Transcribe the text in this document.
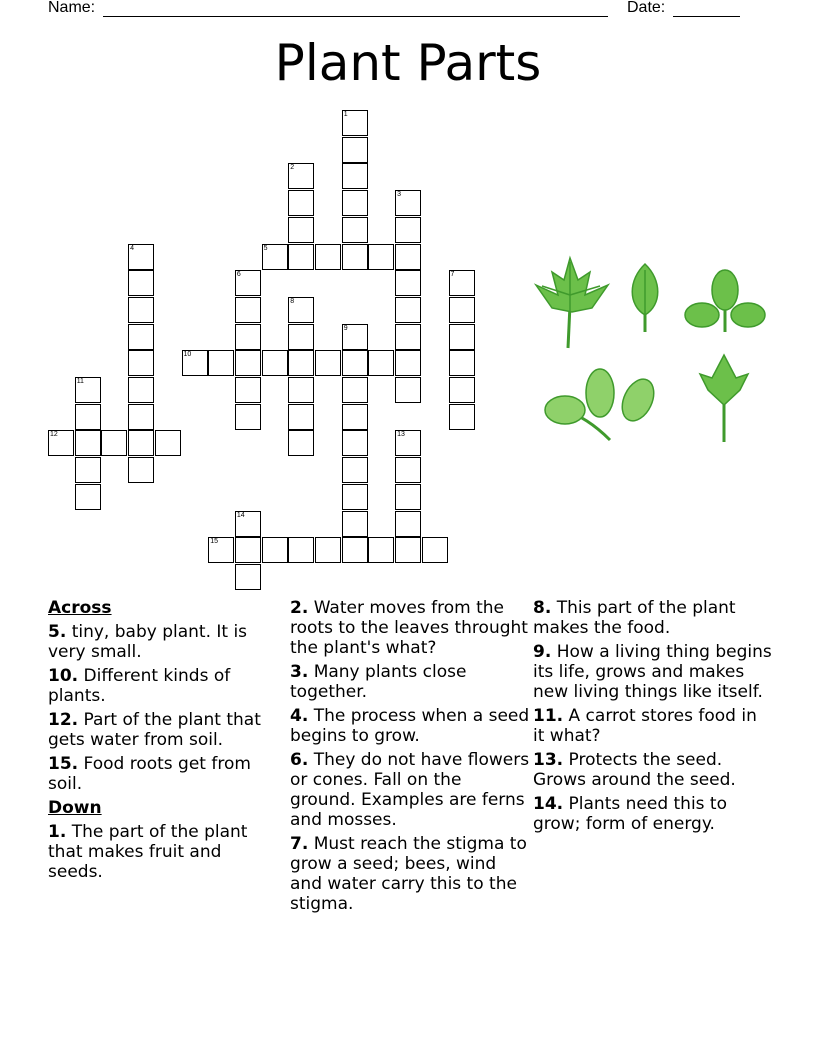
Name:	Date:
Plant Parts
1
2
3
4	5
6	7
8
9
10
11
12	13
14
15
Across
5. tiny, baby plant. It is very small.
10. Different kinds of plants.
12. Part of the plant that gets water from soil.
15. Food roots get from soil.
Down
1. The part of the plant that makes fruit and seeds.
2. Water moves from the roots to the leaves throught the plant's what?
3. Many plants close together.
4. The process when a seed begins to grow.
6. They do not have flowers or cones. Fall on the ground. Examples are ferns and mosses.
7. Must reach the stigma to grow a seed; bees, wind and water carry this to the stigma.
8. This part of the plant makes the food.
9. How a living thing begins its life, grows and makes new living things like itself.
11. A carrot stores food in it what?
13. Protects the seed. Grows around the seed.
14. Plants need this to grow; form of energy.
